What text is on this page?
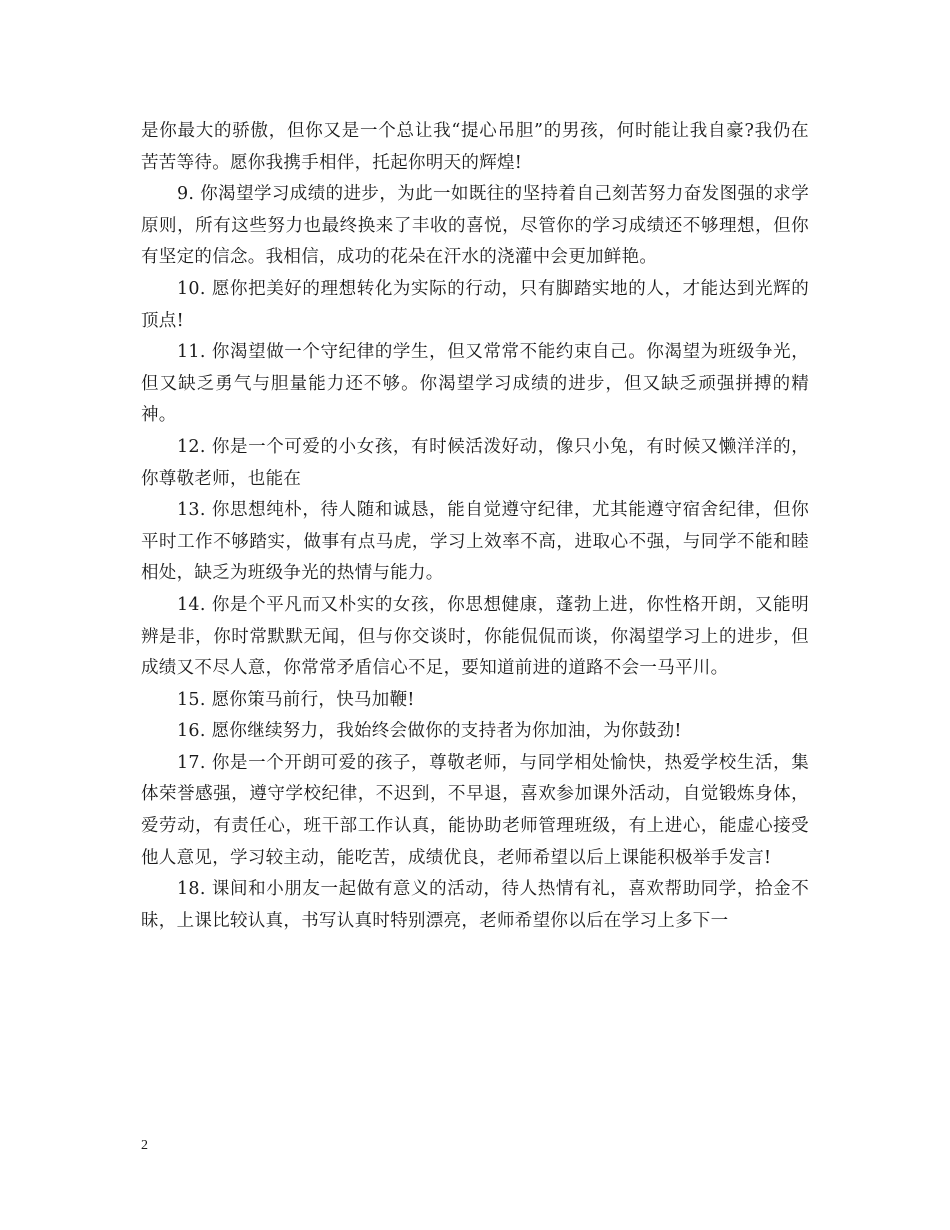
是你最大的骄傲，但你又是一个总让我“提心吊胆”的男孩，何时能让我自豪?我仍在苦苦等待。愿你我携手相伴，托起你明天的辉煌!

9. 你渴望学习成绩的进步，为此一如既往的坚持着自己刻苦努力奋发图强的求学原则，所有这些努力也最终换来了丰收的喜悦，尽管你的学习成绩还不够理想，但你有坚定的信念。我相信，成功的花朵在汗水的浇灌中会更加鲜艳。

10. 愿你把美好的理想转化为实际的行动，只有脚踏实地的人，才能达到光辉的顶点!

11. 你渴望做一个守纪律的学生，但又常常不能约束自己。你渴望为班级争光，但又缺乏勇气与胆量能力还不够。你渴望学习成绩的进步，但又缺乏顽强拼搏的精神。

12. 你是一个可爱的小女孩，有时候活泼好动，像只小兔，有时候又懒洋洋的，你尊敬老师，也能在

13. 你思想纯朴，待人随和诚恳，能自觉遵守纪律，尤其能遵守宿舍纪律，但你平时工作不够踏实，做事有点马虎，学习上效率不高，进取心不强，与同学不能和睦相处，缺乏为班级争光的热情与能力。

14. 你是个平凡而又朴实的女孩，你思想健康，蓬勃上进，你性格开朗，又能明辨是非，你时常默默无闻，但与你交谈时，你能侃侃而谈，你渴望学习上的进步，但成绩又不尽人意，你常常矛盾信心不足，要知道前进的道路不会一马平川。

15. 愿你策马前行，快马加鞭!

16. 愿你继续努力，我始终会做你的支持者为你加油，为你鼓劲!

17. 你是一个开朗可爱的孩子，尊敬老师，与同学相处愉快，热爱学校生活，集体荣誉感强，遵守学校纪律，不迟到，不早退，喜欢参加课外活动，自觉锻炼身体，爱劳动，有责任心，班干部工作认真，能协助老师管理班级，有上进心，能虚心接受他人意见，学习较主动，能吃苦，成绩优良，老师希望以后上课能积极举手发言!

18. 课间和小朋友一起做有意义的活动，待人热情有礼，喜欢帮助同学，拾金不昧，上课比较认真，书写认真时特别漂亮，老师希望你以后在学习上多下一

2
